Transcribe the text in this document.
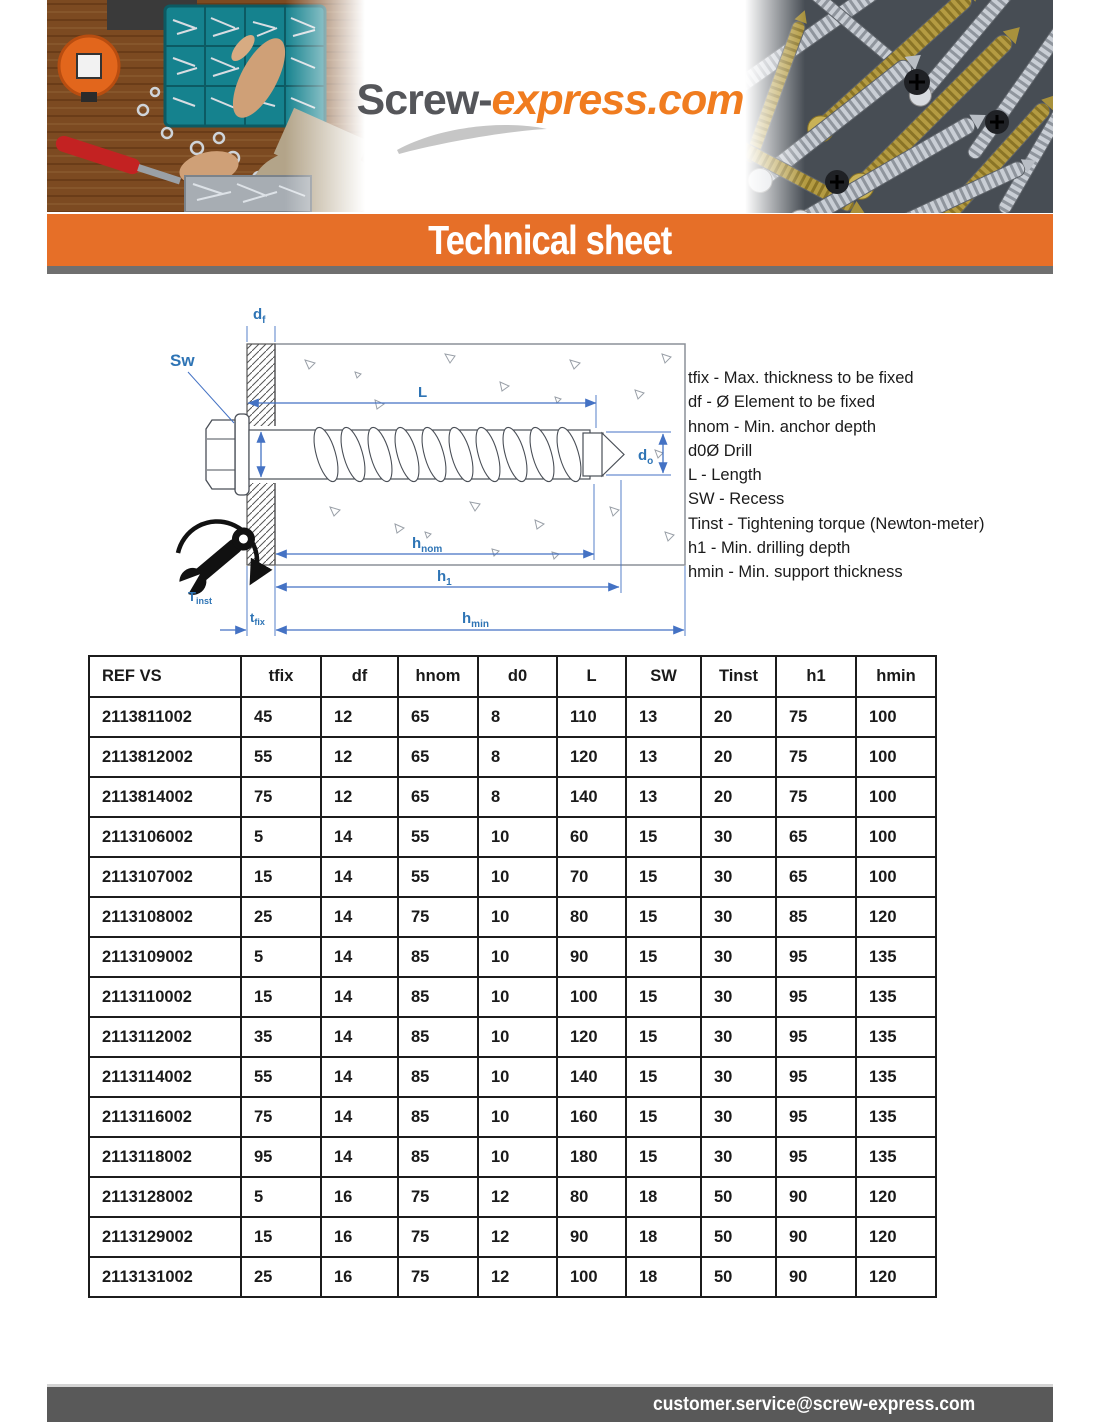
Screw-express.com
Technical sheet
Sw
$d_f$
L
$d_o$
$h_{nom}$
$h_1$
$t_{fix}$	$h_{min}$
$T_{inst}$
tfix - Max. thickness to be fixed
df - Ø Element to be fixed
hnom - Min. anchor depth
d0Ø Drill
L - Length
SW - Recess
Tinst - Tightening torque (Newton-meter)
h1 - Min. drilling depth
hmin - Min. support thickness
REF VS	tfix	df	hnom	d0	L	SW	Tinst	h1	hmin
2113811002	45	12	65	8	110	13	20	75	100
2113812002	55	12	65	8	120	13	20	75	100
2113814002	75	12	65	8	140	13	20	75	100
2113106002	5	14	55	10	60	15	30	65	100
2113107002	15	14	55	10	70	15	30	65	100
2113108002	25	14	75	10	80	15	30	85	120
2113109002	5	14	85	10	90	15	30	95	135
2113110002	15	14	85	10	100	15	30	95	135
2113112002	35	14	85	10	120	15	30	95	135
2113114002	55	14	85	10	140	15	30	95	135
2113116002	75	14	85	10	160	15	30	95	135
2113118002	95	14	85	10	180	15	30	95	135
2113128002	5	16	75	12	80	18	50	90	120
2113129002	15	16	75	12	90	18	50	90	120
2113131002	25	16	75	12	100	18	50	90	120
customer.service@screw-express.com
